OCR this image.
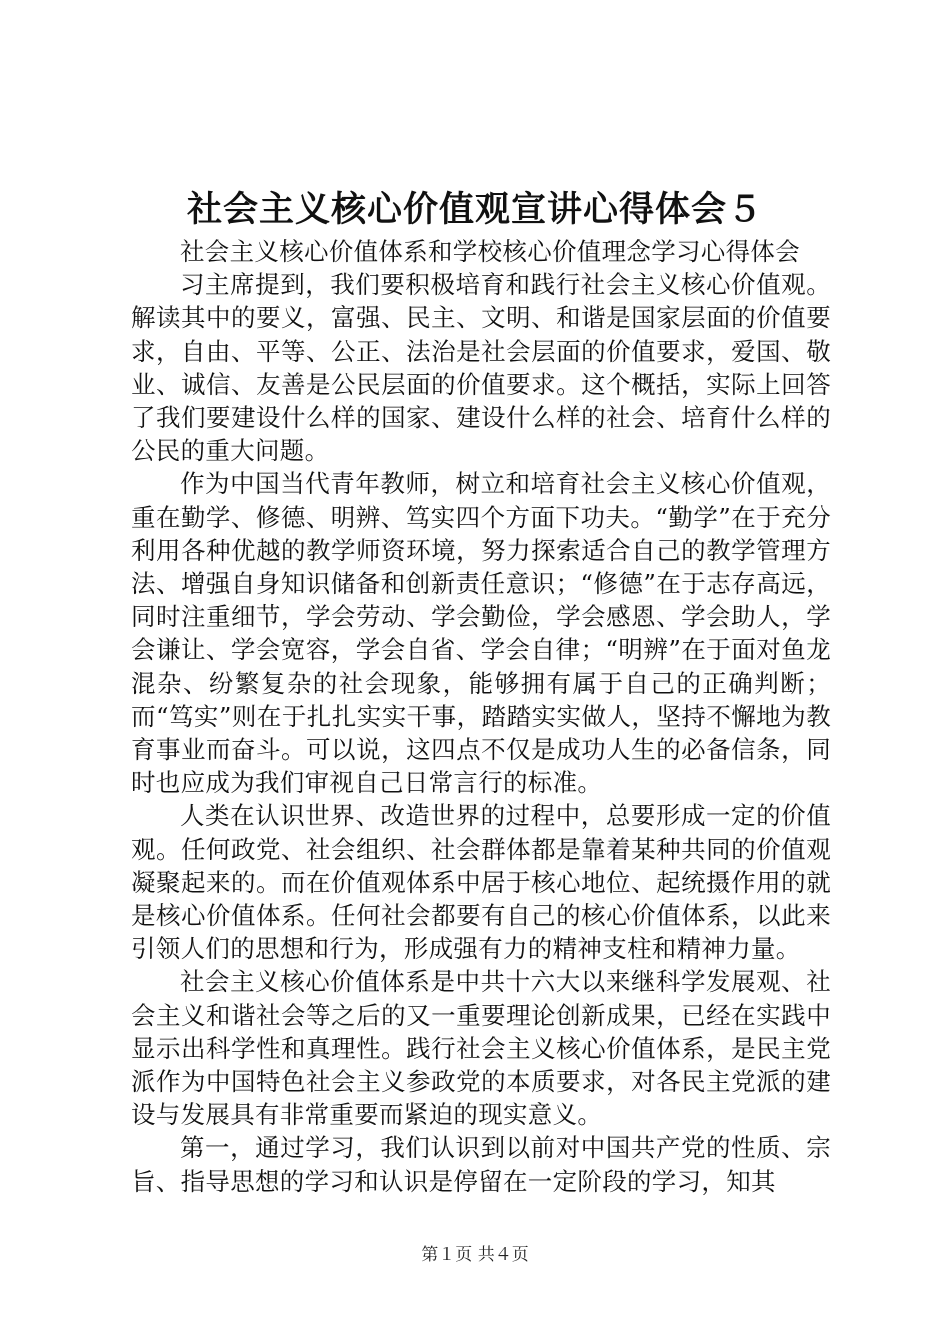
社会主义核心价值观宣讲心得体会５

社会主义核心价值体系和学校核心价值理念学习心得体会

习主席提到，我们要积极培育和践行社会主义核心价值观。解读其中的要义，富强、民主、文明、和谐是国家层面的价值要求，自由、平等、公正、法治是社会层面的价值要求，爱国、敬业、诚信、友善是公民层面的价值要求。这个概括，实际上回答了我们要建设什么样的国家、建设什么样的社会、培育什么样的公民的重大问题。

作为中国当代青年教师，树立和培育社会主义核心价值观，重在勤学、修德、明辨、笃实四个方面下功夫。“勤学”在于充分利用各种优越的教学师资环境，努力探索适合自己的教学管理方法、增强自身知识储备和创新责任意识；“修德”在于志存高远，同时注重细节，学会劳动、学会勤俭，学会感恩、学会助人，学会谦让、学会宽容，学会自省、学会自律；“明辨”在于面对鱼龙混杂、纷繁复杂的社会现象，能够拥有属于自己的正确判断；而“笃实”则在于扎扎实实干事，踏踏实实做人，坚持不懈地为教育事业而奋斗。可以说，这四点不仅是成功人生的必备信条，同时也应成为我们审视自己日常言行的标准。

人类在认识世界、改造世界的过程中，总要形成一定的价值观。任何政党、社会组织、社会群体都是靠着某种共同的价值观凝聚起来的。而在价值观体系中居于核心地位、起统摄作用的就是核心价值体系。任何社会都要有自己的核心价值体系，以此来引领人们的思想和行为，形成强有力的精神支柱和精神力量。

社会主义核心价值体系是中共十六大以来继科学发展观、社会主义和谐社会等之后的又一重要理论创新成果，已经在实践中显示出科学性和真理性。践行社会主义核心价值体系，是民主党派作为中国特色社会主义参政党的本质要求，对各民主党派的建设与发展具有非常重要而紧迫的现实意义。

第一，通过学习，我们认识到以前对中国共产党的性质、宗旨、指导思想的学习和认识是停留在一定阶段的学习，知其

第１页 共４页
